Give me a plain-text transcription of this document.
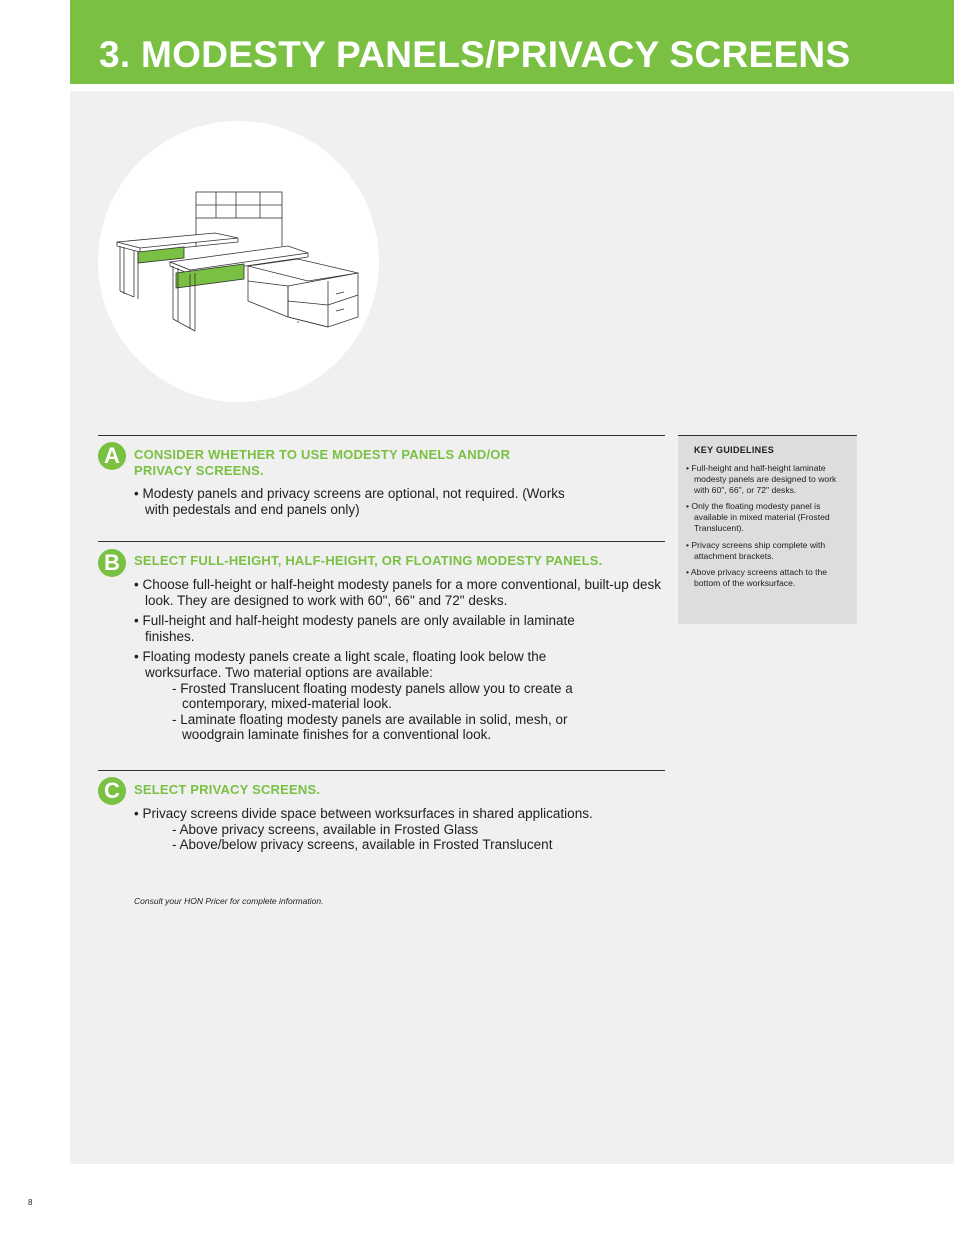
3. MODESTY PANELS/PRIVACY SCREENS
A	CONSIDER WHETHER TO USE MODESTY PANELS AND/OR PRIVACY SCREENS.

• Modesty panels and privacy screens are optional, not required. (Works with pedestals and end panels only)

B	SELECT FULL-HEIGHT, HALF-HEIGHT, OR FLOATING MODESTY PANELS.

• Choose full-height or half-height modesty panels for a more conventional, built-up desk look. They are designed to work with 60", 66" and 72" desks.

• Full-height and half-height modesty panels are only available in laminate finishes.

• Floating modesty panels create a light scale, floating look below the worksurface. Two material options are available:

- Frosted Translucent floating modesty panels allow you to create a contemporary, mixed-material look.

- Laminate floating modesty panels are available in solid, mesh, or woodgrain laminate finishes for a conventional look.

C	SELECT PRIVACY SCREENS.

• Privacy screens divide space between worksurfaces in shared applications.

- Above privacy screens, available in Frosted Glass

- Above/below privacy screens, available in Frosted Translucent

KEY GUIDELINES
• Full-height and half-height laminate modesty panels are designed to work with 60", 66", or 72" desks.
• Only the floating modesty panel is available in mixed material (Frosted Translucent).
• Privacy screens ship complete with attachment brackets.
• Above privacy screens attach to the bottom of the worksurface.
Consult your HON Pricer for complete information.
8
